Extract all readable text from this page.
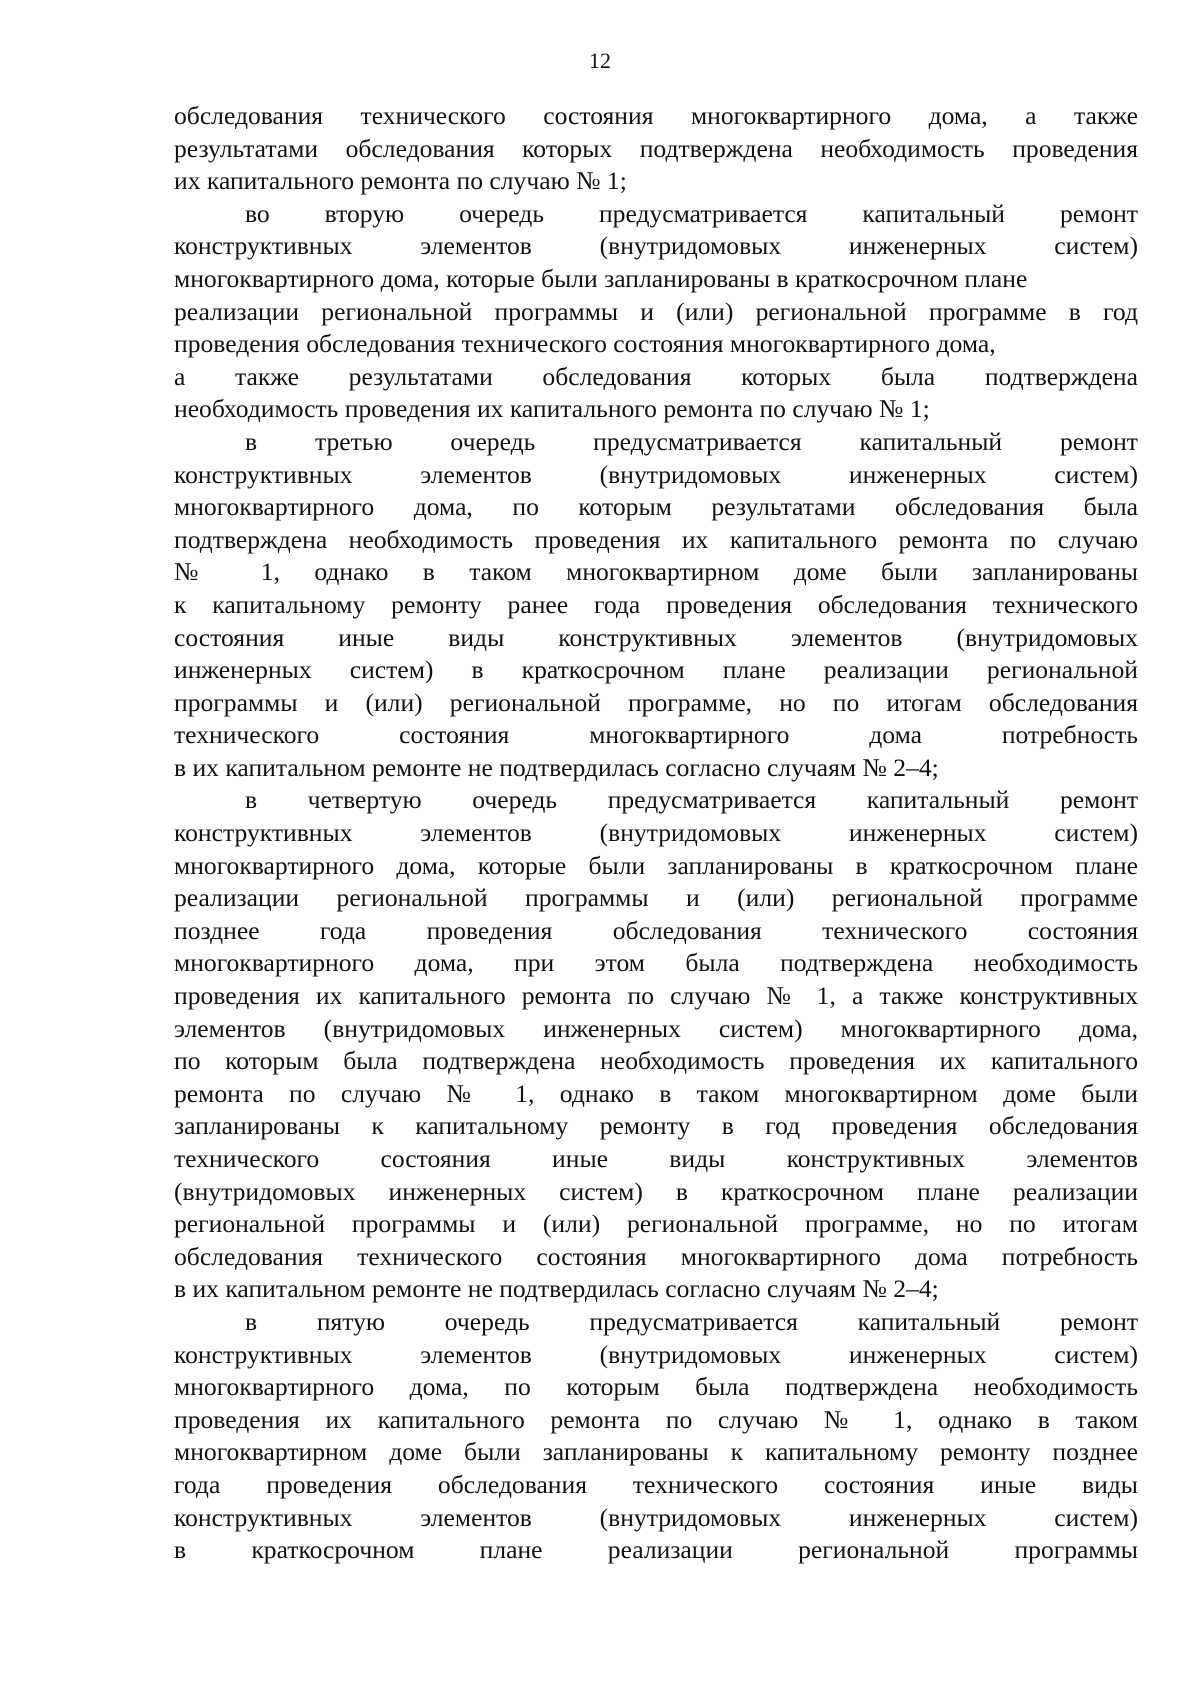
12
обследования технического состояния многоквартирного дома, а также
результатами обследования которых подтверждена необходимость проведения
их капитального ремонта по случаю № 1;
во вторую очередь предусматривается капитальный ремонт
конструктивных элементов (внутридомовых инженерных систем)
многоквартирного дома, которые были запланированы в краткосрочном плане
реализации региональной программы и (или) региональной программе в год
проведения обследования технического состояния многоквартирного дома,
а также результатами обследования которых была подтверждена
необходимость проведения их капитального ремонта по случаю № 1;
в третью очередь предусматривается капитальный ремонт
конструктивных элементов (внутридомовых инженерных систем)
многоквартирного дома, по которым результатами обследования была
подтверждена необходимость проведения их капитального ремонта по случаю
№ 1, однако в таком многоквартирном доме были запланированы
к капитальному ремонту ранее года проведения обследования технического
состояния иные виды конструктивных элементов (внутридомовых
инженерных систем) в краткосрочном плане реализации региональной
программы и (или) региональной программе, но по итогам обследования
технического состояния многоквартирного дома потребность
в их капитальном ремонте не подтвердилась согласно случаям № 2–4;
в четвертую очередь предусматривается капитальный ремонт
конструктивных элементов (внутридомовых инженерных систем)
многоквартирного дома, которые были запланированы в краткосрочном плане
реализации региональной программы и (или) региональной программе
позднее года проведения обследования технического состояния
многоквартирного дома, при этом была подтверждена необходимость
проведения их капитального ремонта по случаю № 1, а также конструктивных
элементов (внутридомовых инженерных систем) многоквартирного дома,
по которым была подтверждена необходимость проведения их капитального
ремонта по случаю № 1, однако в таком многоквартирном доме были
запланированы к капитальному ремонту в год проведения обследования
технического состояния иные виды конструктивных элементов
(внутридомовых инженерных систем) в краткосрочном плане реализации
региональной программы и (или) региональной программе, но по итогам
обследования технического состояния многоквартирного дома потребность
в их капитальном ремонте не подтвердилась согласно случаям № 2–4;
в пятую очередь предусматривается капитальный ремонт
конструктивных элементов (внутридомовых инженерных систем)
многоквартирного дома, по которым была подтверждена необходимость
проведения их капитального ремонта по случаю № 1, однако в таком
многоквартирном доме были запланированы к капитальному ремонту позднее
года проведения обследования технического состояния иные виды
конструктивных элементов (внутридомовых инженерных систем)
в краткосрочном плане реализации региональной программы
